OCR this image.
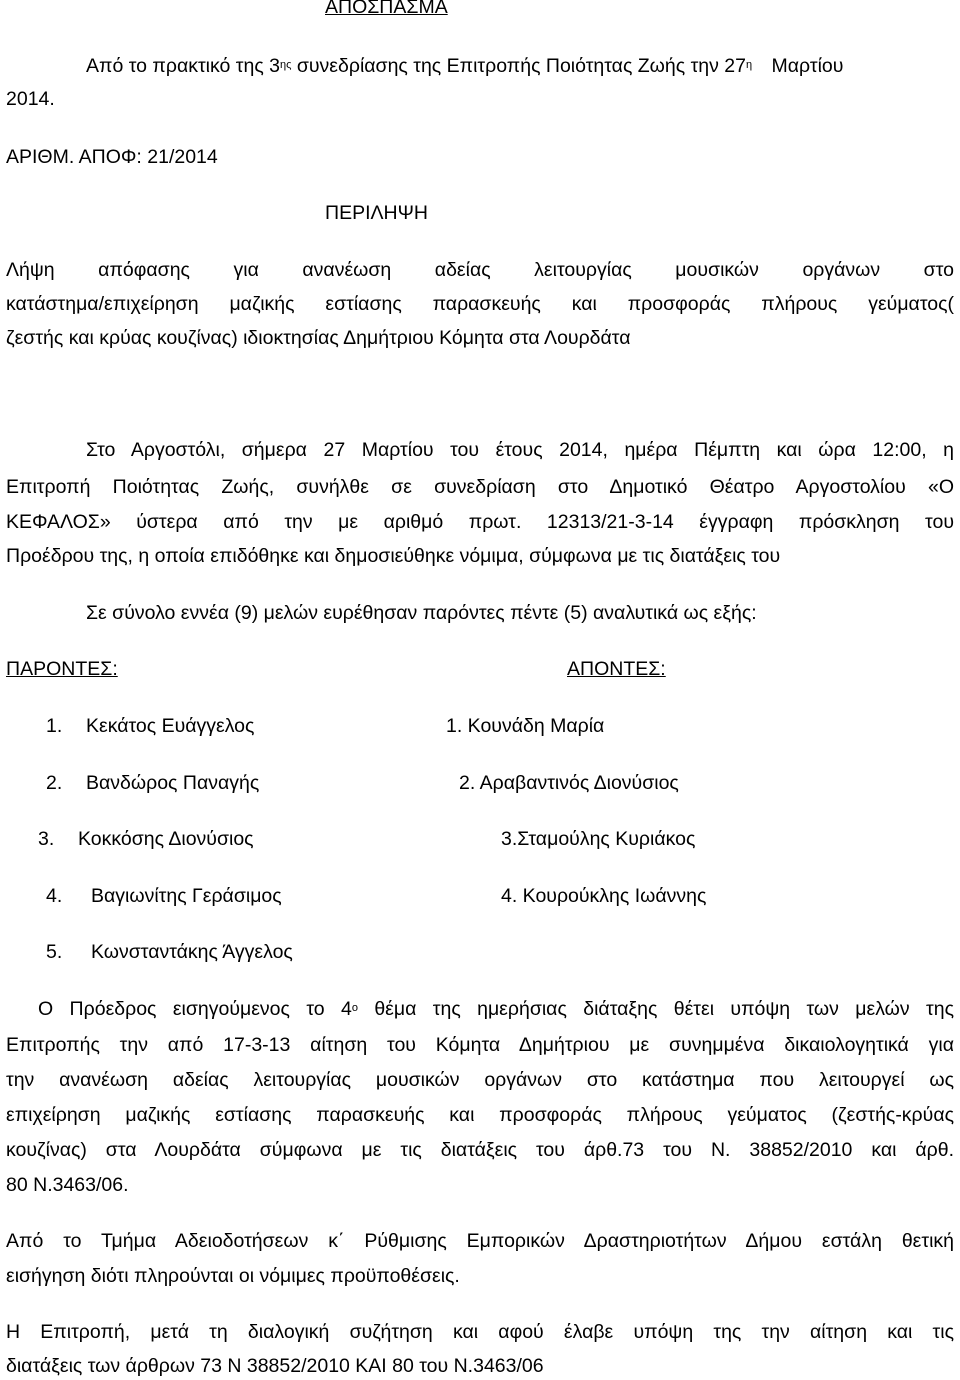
ΑΠΟΣΠΑΣΜΑ
Από το πρακτικό της $3^{\eta\varsigma}$ συνεδρίασης της Επιτροπής Ποιότητας Ζωής την $27^\eta$ Μαρτίου
2014.
ΑΡΙΘΜ. ΑΠΟΦ: 21/2014
ΠΕΡΙΛΗΨΗ
Λήψη απόφασης για ανανέωση αδείας λειτουργίας μουσικών οργάνων στο
κατάστημα/επιχείρηση μαζικής εστίασης παρασκευής και προσφοράς πλήρους γεύματος(
ζεστής και κρύας κουζίνας) ιδιοκτησίας Δημήτριου Κόμητα στα Λουρδάτα
Στο Αργοστόλι, σήμερα 27 Μαρτίου του έτους 2014, ημέρα Πέμπτη και ώρα 12:00, η
Επιτροπή Ποιότητας Ζωής, συνήλθε σε συνεδρίαση στο Δημοτικό Θέατρο Αργοστολίου «Ο
ΚΕΦΑΛΟΣ» ύστερα από την με αριθμό πρωτ. 12313/21-3-14 έγγραφη πρόσκληση του
Προέδρου της, η οποία επιδόθηκε και δημοσιεύθηκε νόμιμα, σύμφωνα με τις διατάξεις του
Σε σύνολο εννέα (9) μελών ευρέθησαν παρόντες πέντε (5) αναλυτικά ως εξής:
ΠΑΡΟΝΤΕΣ:	ΑΠΟΝΤΕΣ:
1. Κεκάτος Ευάγγελος	1. Κουνάδη Μαρία
2. Βανδώρος Παναγής	2. Αραβαντινός Διονύσιος
3. Κοκκόσης Διονύσιος	3.Σταμούλης Κυριάκος
4. Βαγιωνίτης Γεράσιμος	4. Κουρούκλης Ιωάννης
5. Κωνσταντάκης Άγγελος
Ο Πρόεδρος εισηγούμενος το $4^o$ θέμα της ημερήσιας διάταξης θέτει υπόψη των μελών της
Επιτροπής την από 17-3-13 αίτηση του Κόμητα Δημήτριου με συνημμένα δικαιολογητικά για
την ανανέωση αδείας λειτουργίας μουσικών οργάνων στο κατάστημα που λειτουργεί ως
επιχείρηση μαζικής εστίασης παρασκευής και προσφοράς πλήρους γεύματος (ζεστής-κρύας
κουζίνας) στα Λουρδάτα σύμφωνα με τις διατάξεις του άρθ.73 του Ν. 38852/2010 και άρθ.
80 Ν.3463/06.
Από το Τμήμα Αδειοδοτήσεων κ΄ Ρύθμισης Εμπορικών Δραστηριοτήτων Δήμου εστάλη θετική
εισήγηση διότι πληρούνται οι νόμιμες προϋποθέσεις.
Η Επιτροπή, μετά τη διαλογική συζήτηση και αφού έλαβε υπόψη της την αίτηση και τις
διατάξεις των άρθρων 73 Ν 38852/2010 ΚΑΙ 80 του Ν.3463/06
